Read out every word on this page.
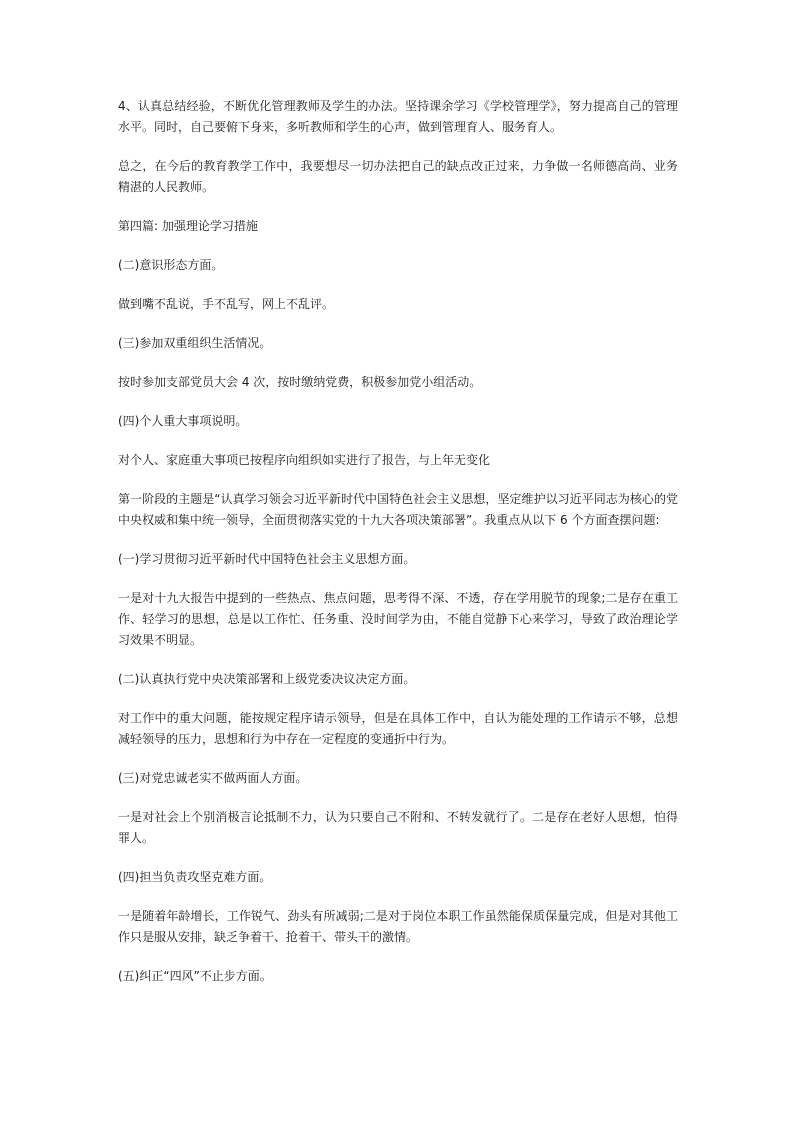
4、认真总结经验，不断优化管理教师及学生的办法。坚持课余学习《学校管理学》，努力提高自己的管理水平。同时，自己要俯下身来，多听教师和学生的心声，做到管理育人、服务育人。

总之，在今后的教育教学工作中，我要想尽一切办法把自己的缺点改正过来，力争做一名师德高尚、业务精湛的人民教师。

第四篇: 加强理论学习措施

(二)意识形态方面。

做到嘴不乱说，手不乱写，网上不乱评。

(三)参加双重组织生活情况。

按时参加支部党员大会 4 次，按时缴纳党费，积极参加党小组活动。

(四)个人重大事项说明。

对个人、家庭重大事项已按程序向组织如实进行了报告，与上年无变化

第一阶段的主题是“认真学习领会习近平新时代中国特色社会主义思想，坚定维护以习近平同志为核心的党中央权威和集中统一领导，全面贯彻落实党的十九大各项决策部署”。我重点从以下 6 个方面查摆问题:

(一)学习贯彻习近平新时代中国特色社会主义思想方面。

一是对十九大报告中提到的一些热点、焦点问题，思考得不深、不透，存在学用脱节的现象;二是存在重工作、轻学习的思想，总是以工作忙、任务重、没时间学为由，不能自觉静下心来学习，导致了政治理论学习效果不明显。

(二)认真执行党中央决策部署和上级党委决议决定方面。

对工作中的重大问题，能按规定程序请示领导，但是在具体工作中，自认为能处理的工作请示不够，总想减轻领导的压力，思想和行为中存在一定程度的变通折中行为。

(三)对党忠诚老实不做两面人方面。

一是对社会上个别消极言论抵制不力，认为只要自己不附和、不转发就行了。二是存在老好人思想，怕得罪人。

(四)担当负责攻坚克难方面。

一是随着年龄增长，工作锐气、劲头有所减弱;二是对于岗位本职工作虽然能保质保量完成，但是对其他工作只是服从安排，缺乏争着干、抢着干、带头干的激情。

(五)纠正“四风”不止步方面。
